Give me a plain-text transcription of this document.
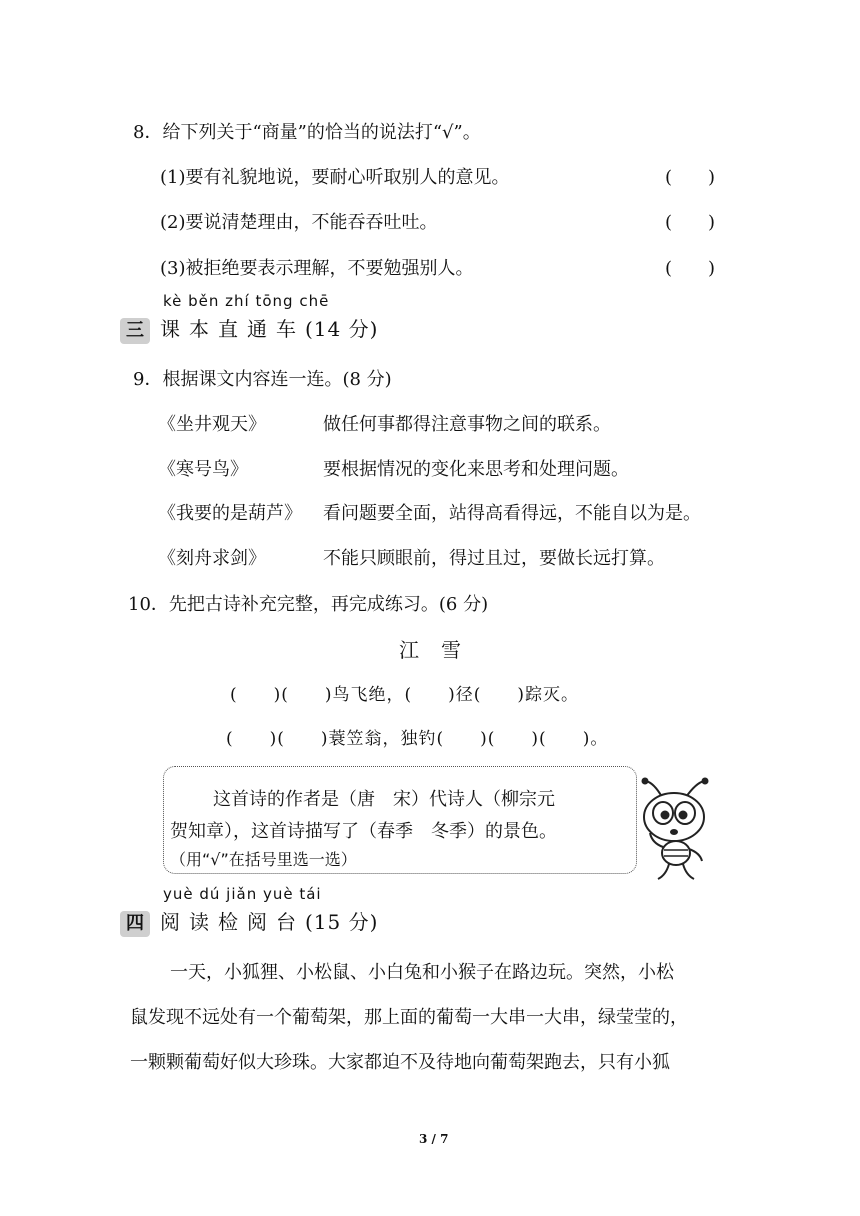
8．给下列关于“商量”的恰当的说法打“√”。
(1)要有礼貌地说，要耐心听取别人的意见。	(　　)
(2)要说清楚理由，不能吞吞吐吐。	(　　)
(3)被拒绝要表示理解，不要勉强别人。	(　　)
kè běn zhí tōng chē
三 课本直通车(14 分)
9．根据课文内容连一连。(8 分)
《坐井观天》	做任何事都得注意事物之间的联系。
《寒号鸟》	要根据情况的变化来思考和处理问题。
《我要的是葫芦》 看问题要全面，站得高看得远，不能自以为是。
《刻舟求剑》	不能只顾眼前，得过且过，要做长远打算。
10．先把古诗补充完整，再完成练习。(6 分)
江雪
(　　)(　　)鸟飞绝，(　　)径(　　)踪灭。
(　　)(　　)蓑笠翁，独钓(　　)(　　)(　　)。
这首诗的作者是（唐　宋）代诗人（柳宗元
贺知章），这首诗描写了（春季　冬季）的景色。
（用“√”在括号里选一选）
yuè dú jiǎn yuè tái
四 阅读检阅台(15 分)
一天，小狐狸、小松鼠、小白兔和小猴子在路边玩。突然，小松
鼠发现不远处有一个葡萄架，那上面的葡萄一大串一大串，绿莹莹的，
一颗颗葡萄好似大珍珠。大家都迫不及待地向葡萄架跑去，只有小狐
3 / 7
